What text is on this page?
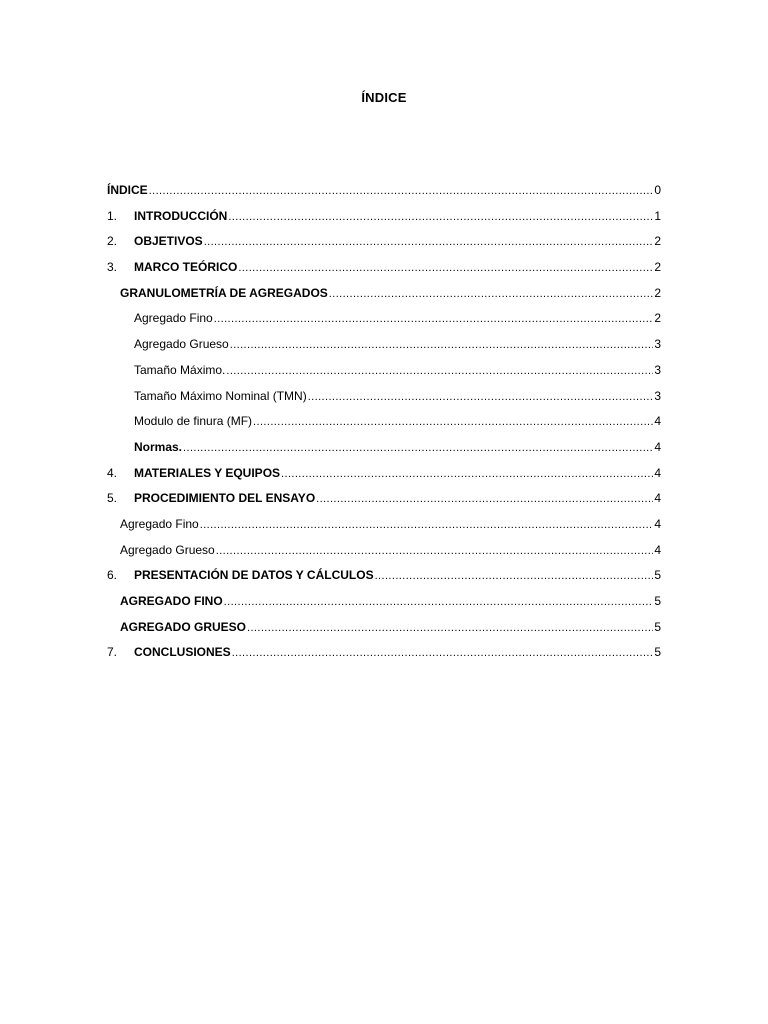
ÍNDICE
ÍNDICE .....	0
1.	INTRODUCCIÓN .....	1
2.	OBJETIVOS .....	2
3.	MARCO TEÓRICO .....	2
GRANULOMETRÍA DE AGREGADOS .....	2
Agregado Fino .....	2
Agregado Grueso .....	3
Tamaño Máximo. .....	3
Tamaño Máximo Nominal (TMN) .....	3
Modulo de finura (MF) .....	4
Normas. .....	4
4.	MATERIALES Y EQUIPOS .....	4
5.	PROCEDIMIENTO DEL ENSAYO .....	4
Agregado Fino .....	4
Agregado Grueso .....	4
6.	PRESENTACIÓN DE DATOS Y CÁLCULOS .....	5
AGREGADO FINO .....	5
AGREGADO GRUESO .....	5
7.	CONCLUSIONES .....	5
